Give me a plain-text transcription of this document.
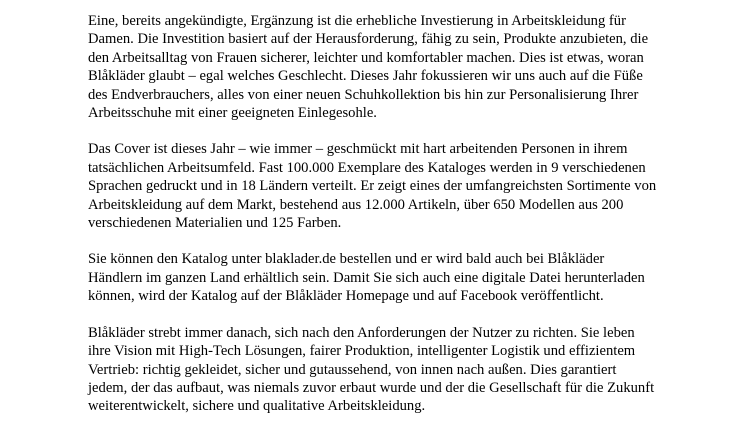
Eine, bereits angekündigte, Ergänzung ist die erhebliche Investierung in Arbeitskleidung für
Damen. Die Investition basiert auf der Herausforderung, fähig zu sein, Produkte anzubieten, die
den Arbeitsalltag von Frauen sicherer, leichter und komfortabler machen. Dies ist etwas, woran
Blåkläder glaubt – egal welches Geschlecht. Dieses Jahr fokussieren wir uns auch auf die Füße
des Endverbrauchers, alles von einer neuen Schuhkollektion bis hin zur Personalisierung Ihrer
Arbeitsschuhe mit einer geeigneten Einlegesohle.

Das Cover ist dieses Jahr – wie immer – geschmückt mit hart arbeitenden Personen in ihrem
tatsächlichen Arbeitsumfeld. Fast 100.000 Exemplare des Kataloges werden in 9 verschiedenen
Sprachen gedruckt und in 18 Ländern verteilt. Er zeigt eines der umfangreichsten Sortimente von
Arbeitskleidung auf dem Markt, bestehend aus 12.000 Artikeln, über 650 Modellen aus 200
verschiedenen Materialien und 125 Farben.

Sie können den Katalog unter blaklader.de bestellen und er wird bald auch bei Blåkläder
Händlern im ganzen Land erhältlich sein. Damit Sie sich auch eine digitale Datei herunterladen
können, wird der Katalog auf der Blåkläder Homepage und auf Facebook veröffentlicht.

Blåkläder strebt immer danach, sich nach den Anforderungen der Nutzer zu richten. Sie leben
ihre Vision mit High-Tech Lösungen, fairer Produktion, intelligenter Logistik und effizientem
Vertrieb: richtig gekleidet, sicher und gutaussehend, von innen nach außen. Dies garantiert
jedem, der das aufbaut, was niemals zuvor erbaut wurde und der die Gesellschaft für die Zukunft
weiterentwickelt, sichere und qualitative Arbeitskleidung.
